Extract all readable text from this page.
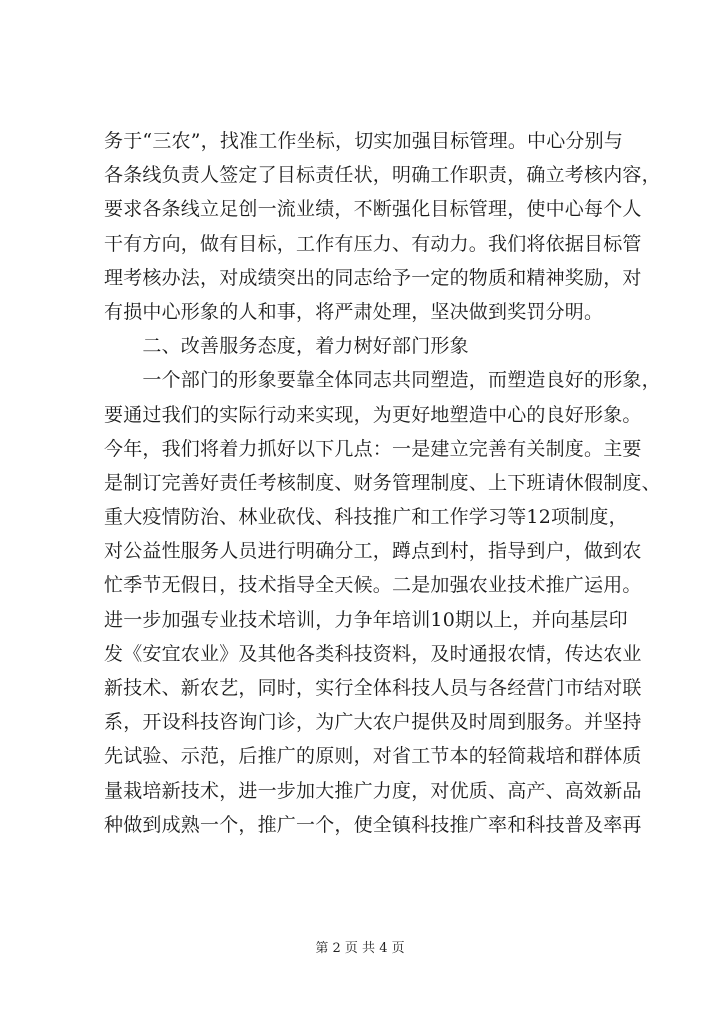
务于“三农”，找准工作坐标，切实加强目标管理。中心分别与
各条线负责人签定了目标责任状，明确工作职责，确立考核内容，
要求各条线立足创一流业绩，不断强化目标管理，使中心每个人
干有方向，做有目标，工作有压力、有动力。我们将依据目标管
理考核办法，对成绩突出的同志给予一定的物质和精神奖励，对
有损中心形象的人和事，将严肃处理，坚决做到奖罚分明。
　　二、改善服务态度，着力树好部门形象
　　一个部门的形象要靠全体同志共同塑造，而塑造良好的形象，
要通过我们的实际行动来实现，为更好地塑造中心的良好形象。
今年，我们将着力抓好以下几点：一是建立完善有关制度。主要
是制订完善好责任考核制度、财务管理制度、上下班请休假制度、
重大疫情防治、林业砍伐、科技推广和工作学习等12项制度，
对公益性服务人员进行明确分工，蹲点到村，指导到户，做到农
忙季节无假日，技术指导全天候。二是加强农业技术推广运用。
进一步加强专业技术培训，力争年培训10期以上，并向基层印
发《安宜农业》及其他各类科技资料，及时通报农情，传达农业
新技术、新农艺，同时，实行全体科技人员与各经营门市结对联
系，开设科技咨询门诊，为广大农户提供及时周到服务。并坚持
先试验、示范，后推广的原则，对省工节本的轻简栽培和群体质
量栽培新技术，进一步加大推广力度，对优质、高产、高效新品
种做到成熟一个，推广一个，使全镇科技推广率和科技普及率再
第 2 页 共 4 页
